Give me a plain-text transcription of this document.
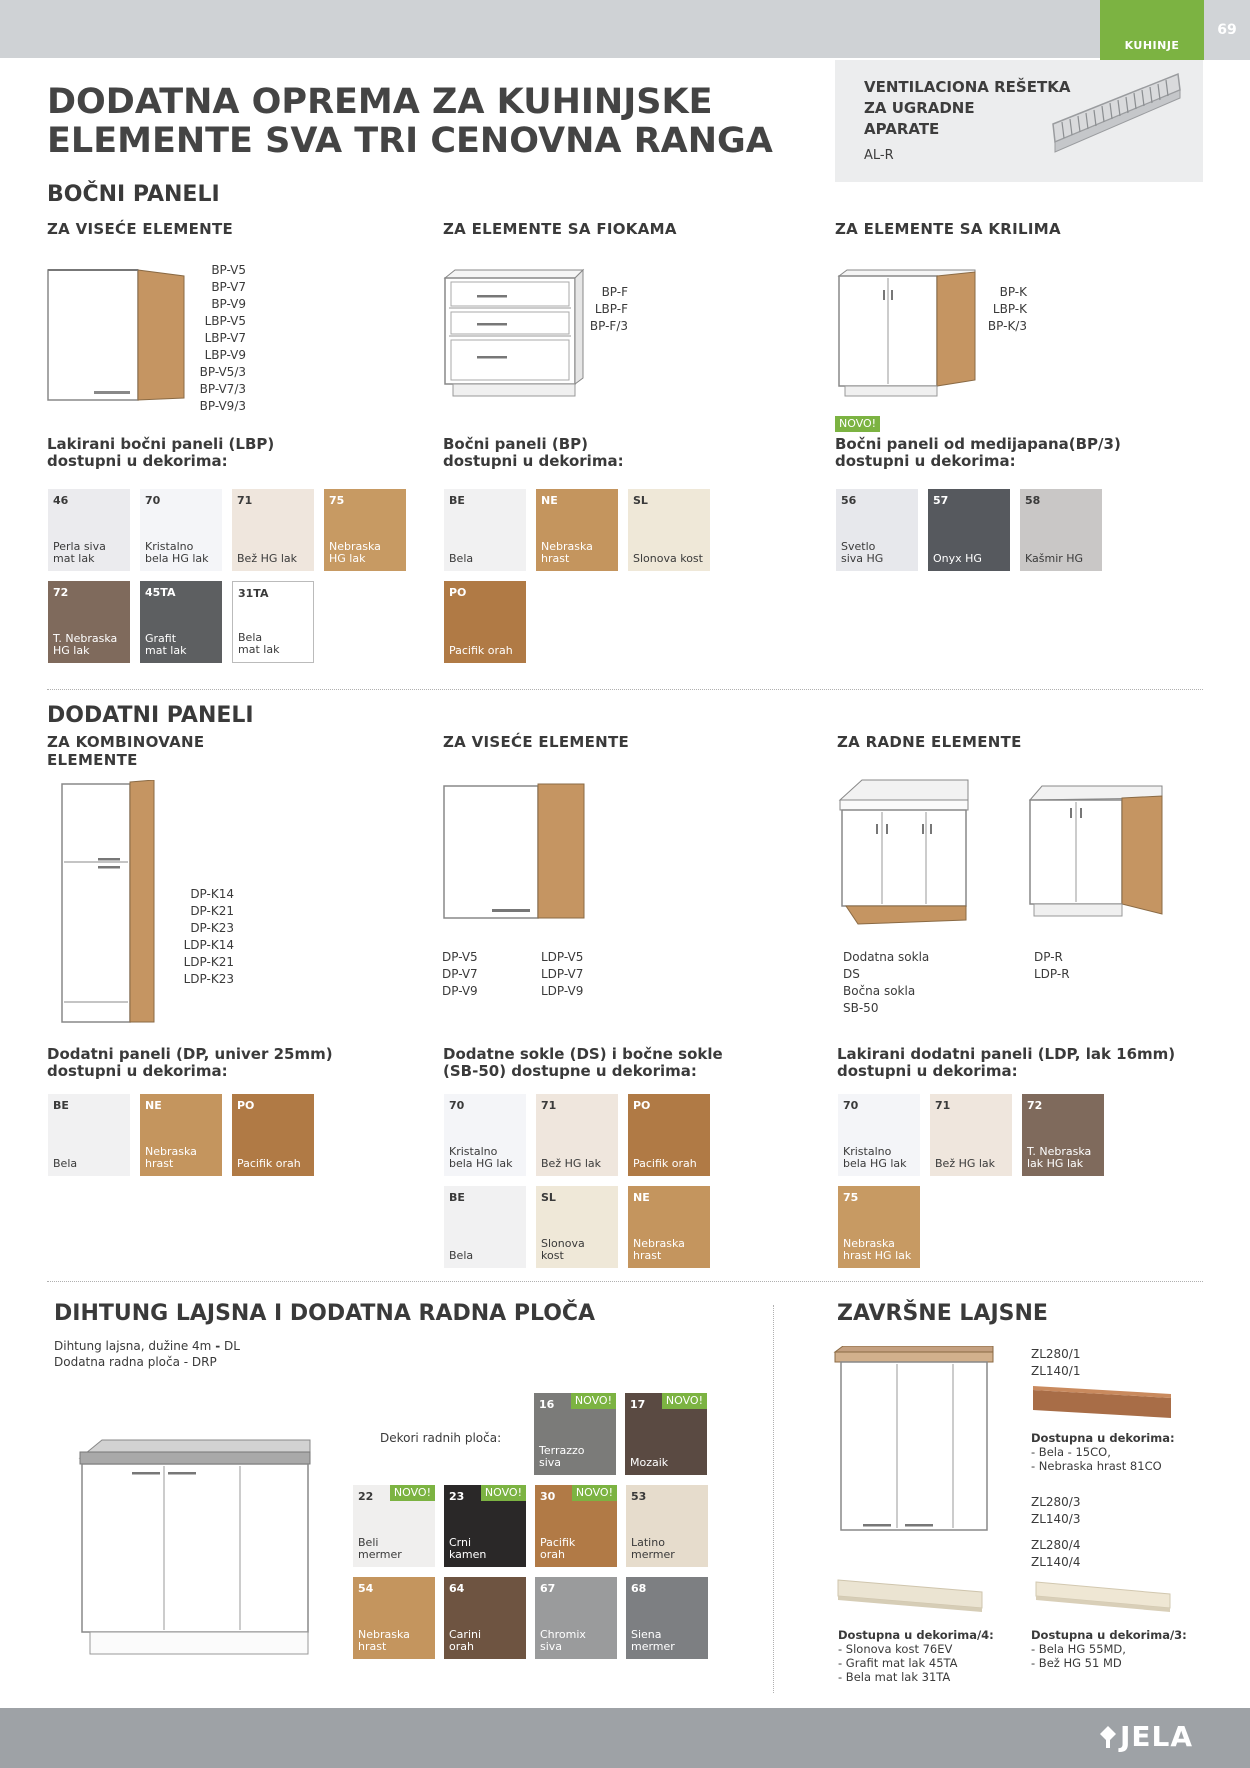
KUHINJE
69
DODATNA OPREMA ZA KUHINJSKE
ELEMENTE SVA TRI CENOVNA RANGA
VENTILACIONA REŠETKA
ZA UGRADNE
APARATE
AL-R
BOČNI PANELI
ZA VISEĆE ELEMENTE	ZA ELEMENTE SA FIOKAMA	ZA ELEMENTE SA KRILIMA
BP-V5
BP-V7
BP-V9
LBP-V5
LBP-V7
LBP-V9
BP-V5/3
BP-V7/3
BP-V9/3
BP-F
LBP-F
BP-F/3
BP-K
LBP-K
BP-K/3
Lakirani bočni paneli (LBP)
dostupni u dekorima:
Bočni paneli (BP)
dostupni u dekorima:
NOVO!
Bočni paneli od medijapana(BP/3)
dostupni u dekorima:
46
Perla siva
mat lak
70
Kristalno
bela HG lak
71
Bež HG lak
75
Nebraska
HG lak
72
T. Nebraska
HG lak
45TA
Grafit
mat lak
31TA
Bela
mat lak
BE
Bela
NE
Nebraska
hrast
SL
Slonova kost
PO
Pacifik orah
56
Svetlo
siva HG
57
Onyx HG
58
Kašmir HG
DODATNI PANELI
ZA KOMBINOVANE
ELEMENTE
ZA VISEĆE ELEMENTE	ZA RADNE ELEMENTE
DP-K14
DP-K21
DP-K23
LDP-K14
LDP-K21
LDP-K23
DP-V5
DP-V7
DP-V9
LDP-V5
LDP-V7
LDP-V9
Dodatna sokla
DS
Bočna sokla
SB-50
DP-R
LDP-R
Dodatni paneli (DP, univer 25mm)
dostupni u dekorima:
Dodatne sokle (DS) i bočne sokle
(SB-50) dostupne u dekorima:
Lakirani dodatni paneli (LDP, lak 16mm)
dostupni u dekorima:
BE
Bela
NE
Nebraska
hrast
PO
Pacifik orah
70
Kristalno
bela HG lak
71
Bež HG lak
PO
Pacifik orah
BE
Bela
SL
Slonova
kost
NE
Nebraska
hrast
70
Kristalno
bela HG lak
71
Bež HG lak
72
T. Nebraska
lak HG lak
75
Nebraska
hrast HG lak
DIHTUNG LAJSNA I DODATNA RADNA PLOČA
Dihtung lajsna, dužine 4m - DL
Dodatna radna ploča - DRP
Dekori radnih ploča:
16
Terrazzo
siva
NOVO!	17
Mozaik
NOVO!
22
Beli
mermer
NOVO!	23
Crni
kamen
NOVO!	30
Pacifik
orah
NOVO!	53
Latino
mermer
54
Nebraska
hrast
64
Carini
orah
67
Chromix
siva
68
Siena
mermer
ZAVRŠNE LAJSNE
ZL280/1
ZL140/1
Dostupna u dekorima:
- Bela - 15CO,
- Nebraska hrast 81CO
ZL280/3
ZL140/3
ZL280/4
ZL140/4
Dostupna u dekorima/4:
- Slonova kost 76EV
- Grafit mat lak 45TA
- Bela mat lak 31TA
Dostupna u dekorima/3:
- Bela HG 55MD,
- Bež HG 51 MD
JELA
